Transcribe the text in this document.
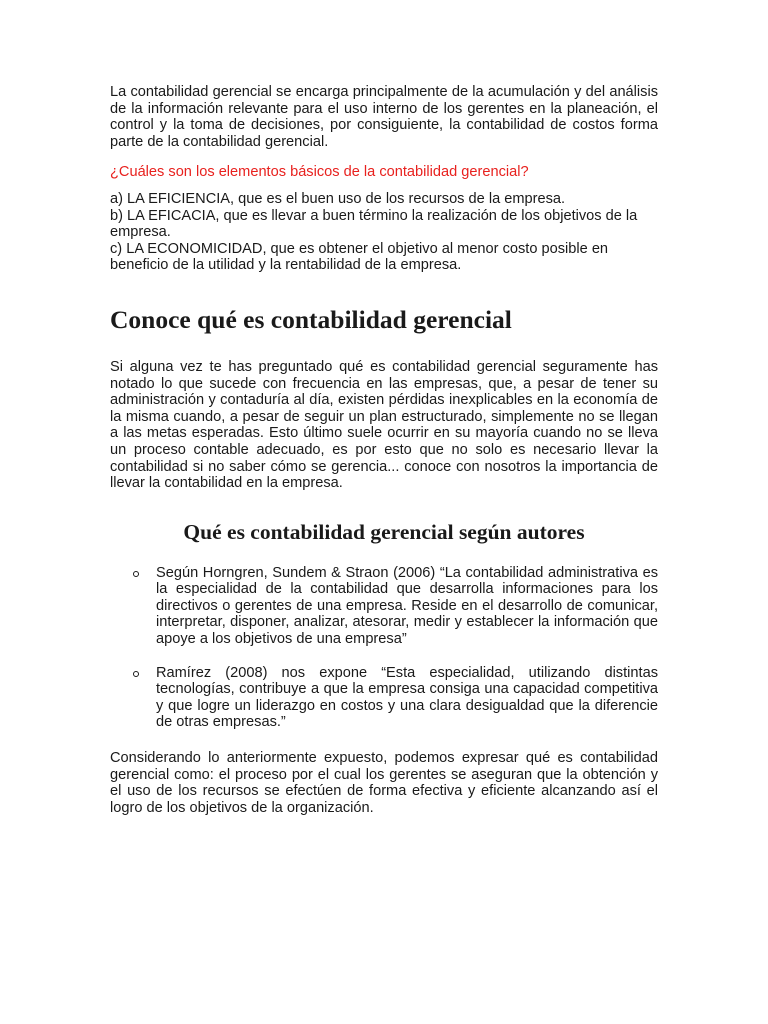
La contabilidad gerencial se encarga principalmente de la acumulación y del análisis de la información relevante para el uso interno de los gerentes en la planeación, el control y la toma de decisiones, por consiguiente, la contabilidad de costos forma parte de la contabilidad gerencial.

¿Cuáles son los elementos básicos de la contabilidad gerencial?

a) LA EFICIENCIA, que es el buen uso de los recursos de la empresa.
b) LA EFICACIA, que es llevar a buen término la realización de los objetivos de la empresa.
c) LA ECONOMICIDAD, que es obtener el objetivo al menor costo posible en beneficio de la utilidad y la rentabilidad de la empresa.
Conoce qué es contabilidad gerencial

Si alguna vez te has preguntado qué es contabilidad gerencial seguramente has notado lo que sucede con frecuencia en las empresas, que, a pesar de tener su administración y contaduría al día, existen pérdidas inexplicables en la economía de la misma cuando, a pesar de seguir un plan estructurado, simplemente no se llegan a las metas esperadas. Esto último suele ocurrir en su mayoría cuando no se lleva un proceso contable adecuado, es por esto que no solo es necesario llevar la contabilidad si no saber cómo se gerencia... conoce con nosotros la importancia de llevar la contabilidad en la empresa.

Qué es contabilidad gerencial según autores
Según Horngren, Sundem & Straon (2006) “La contabilidad administrativa es la especialidad de la contabilidad que desarrolla informaciones para los directivos o gerentes de una empresa. Reside en el desarrollo de comunicar, interpretar, disponer, analizar, atesorar, medir y establecer la información que apoye a los objetivos de una empresa”
Ramírez (2008) nos expone “Esta especialidad, utilizando distintas tecnologías, contribuye a que la empresa consiga una capacidad competitiva y que logre un liderazgo en costos y una clara desigualdad que la diferencie de otras empresas.”

Considerando lo anteriormente expuesto, podemos expresar qué es contabilidad gerencial como: el proceso por el cual los gerentes se aseguran que la obtención y el uso de los recursos se efectúen de forma efectiva y eficiente alcanzando así el logro de los objetivos de la organización.
